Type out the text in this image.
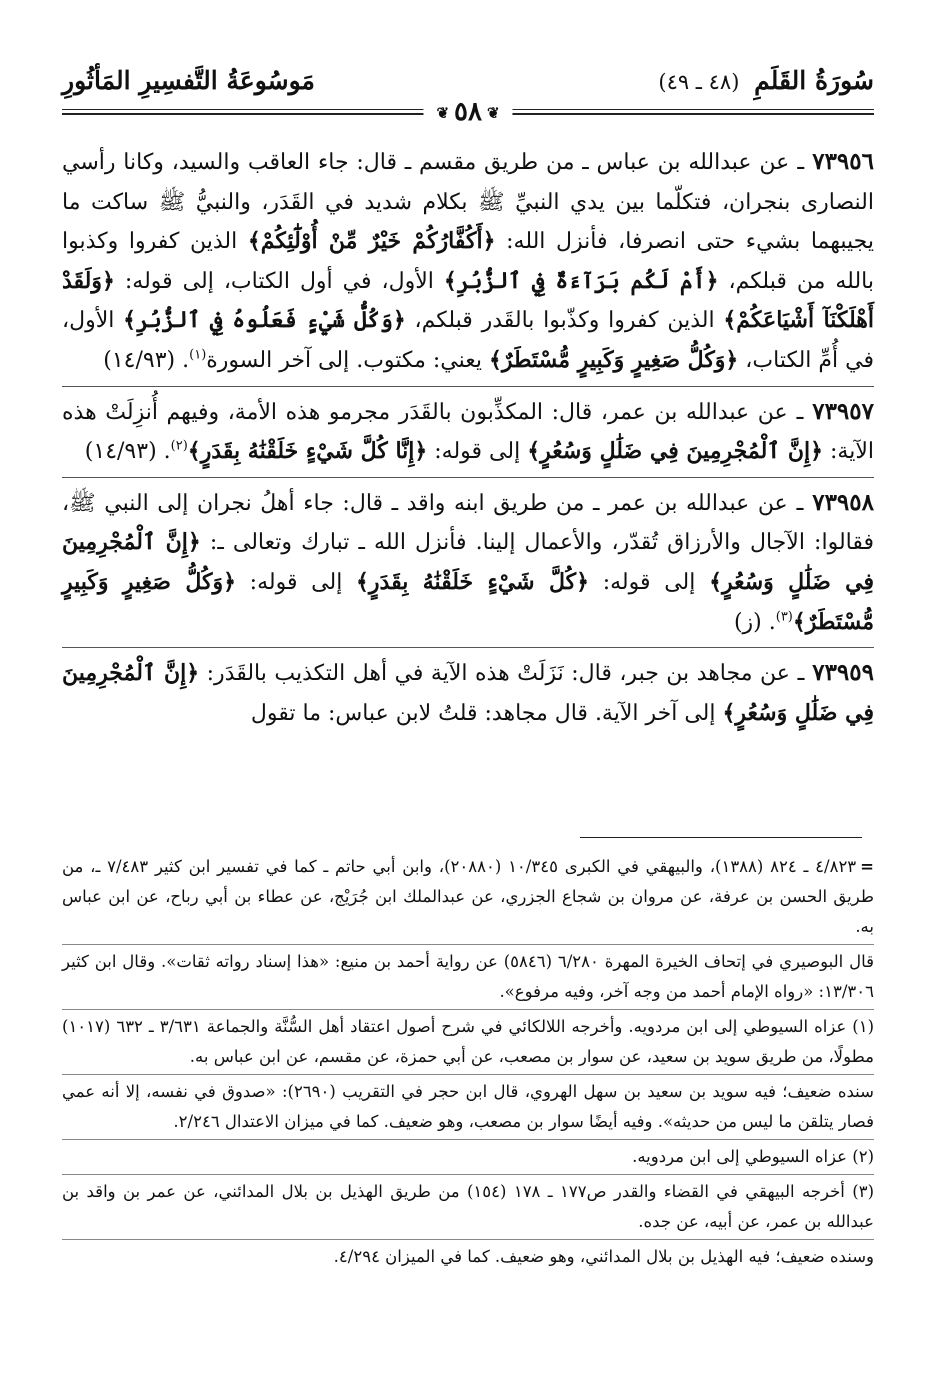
سُورَةُ القَلَمِ (٤٨ ـ ٤٩)
مَوسُوعَةُ التَّفسِيرِ المَأثُورِ
❦٥٨❦

٧٣٩٥٦ ـ عن عبدالله بن عباس ـ من طريق مقسم ـ قال: جاء العاقب والسيد، وكانا رأسي النصارى بنجران، فتكلّما بين يدي النبيِّ ﷺ بكلام شديد في القَدَر، والنبيُّ ﷺ ساكت ما يجيبهما بشيء حتى انصرفا، فأنزل الله: ﴿أَكُفَّارُكُمْ خَيْرٌ مِّنْ أُوْلَٰٓئِكُمْ﴾ الذين كفروا وكذبوا بالله من قبلكم، ﴿أَمْ لَكُم بَرَآءَةٌ فِي ٱلزُّبُرِ﴾ الأول، في أول الكتاب، إلى قوله: ﴿وَلَقَدْ أَهْلَكْنَآ أَشْيَاعَكُمْ﴾ الذين كفروا وكذّبوا بالقَدر قبلكم، ﴿وَكُلُّ شَيْءٍ فَعَلُوهُ فِي ٱلزُّبُرِ﴾ الأول، في أُمِّ الكتاب، ﴿وَكُلُّ صَغِيرٍ وَكَبِيرٍ مُّسْتَطَرٌ﴾ يعني: مكتوب. إلى آخر السورة$^{(١)}$. (١٤/٩٣)

٧٣٩٥٧ ـ عن عبدالله بن عمر، قال: المكذِّبون بالقَدَر مجرمو هذه الأمة، وفيهم أُنزِلَتْ هذه الآية: ﴿إِنَّ ٱلْمُجْرِمِينَ فِي ضَلَٰلٍ وَسُعُرٍ﴾ إلى قوله: ﴿إِنَّا كُلَّ شَيْءٍ خَلَقْنَٰهُ بِقَدَرٍ﴾$^{(٢)}$. (١٤/٩٣)

٧٣٩٥٨ ـ عن عبدالله بن عمر ـ من طريق ابنه واقد ـ قال: جاء أهلُ نجران إلى النبي ﷺ، فقالوا: الآجال والأرزاق تُقدّر، والأعمال إلينا. فأنزل الله ـ تبارك وتعالى ـ: ﴿إِنَّ ٱلْمُجْرِمِينَ فِي ضَلَٰلٍ وَسُعُرٍ﴾ إلى قوله: ﴿كُلَّ شَيْءٍ خَلَقْنَٰهُ بِقَدَرٍ﴾ إلى قوله: ﴿وَكُلُّ صَغِيرٍ وَكَبِيرٍ مُّسْتَطَرٌ﴾$^{(٣)}$. (ز)

٧٣٩٥٩ ـ عن مجاهد بن جبر، قال: نَزَلَتْ هذه الآية في أهل التكذيب بالقَدَر: ﴿إِنَّ ٱلْمُجْرِمِينَ فِي ضَلَٰلٍ وَسُعُرٍ﴾ إلى آخر الآية. قال مجاهد: قلتُ لابن عباس: ما تقول

=٤/٨٢٣ ـ ٨٢٤ (١٣٨٨)، والبيهقي في الكبرى ١٠/٣٤٥ (٢٠٨٨٠)، وابن أبي حاتم ـ كما في تفسير ابن كثير ٧/٤٨٣ ـ، من طريق الحسن بن عرفة، عن مروان بن شجاع الجزري، عن عبدالملك ابن جُرَيْج، عن عطاء بن أبي رباح، عن ابن عباس به.

قال البوصيري في إتحاف الخيرة المهرة ٦/٢٨٠ (٥٨٤٦) عن رواية أحمد بن منيع: «هذا إسناد رواته ثقات». وقال ابن كثير ١٣/٣٠٦: «رواه الإمام أحمد من وجه آخر، وفيه مرفوع».

(١) عزاه السيوطي إلى ابن مردويه. وأخرجه اللالكائي في شرح أصول اعتقاد أهل السُّنَّة والجماعة ٣/٦٣١ ـ ٦٣٢ (١٠١٧) مطولًا، من طريق سويد بن سعيد، عن سوار بن مصعب، عن أبي حمزة، عن مقسم، عن ابن عباس به.

سنده ضعيف؛ فيه سويد بن سعيد بن سهل الهروي، قال ابن حجر في التقريب (٢٦٩٠): «صدوق في نفسه، إلا أنه عمي فصار يتلقن ما ليس من حديثه». وفيه أيضًا سوار بن مصعب، وهو ضعيف. كما في ميزان الاعتدال ٢/٢٤٦.

(٢) عزاه السيوطي إلى ابن مردويه.

(٣) أخرجه البيهقي في القضاء والقدر ص١٧٧ ـ ١٧٨ (١٥٤) من طريق الهذيل بن بلال المدائني، عن عمر بن واقد بن عبدالله بن عمر، عن أبيه، عن جده.

وسنده ضعيف؛ فيه الهذيل بن بلال المدائني، وهو ضعيف. كما في الميزان ٤/٢٩٤.
